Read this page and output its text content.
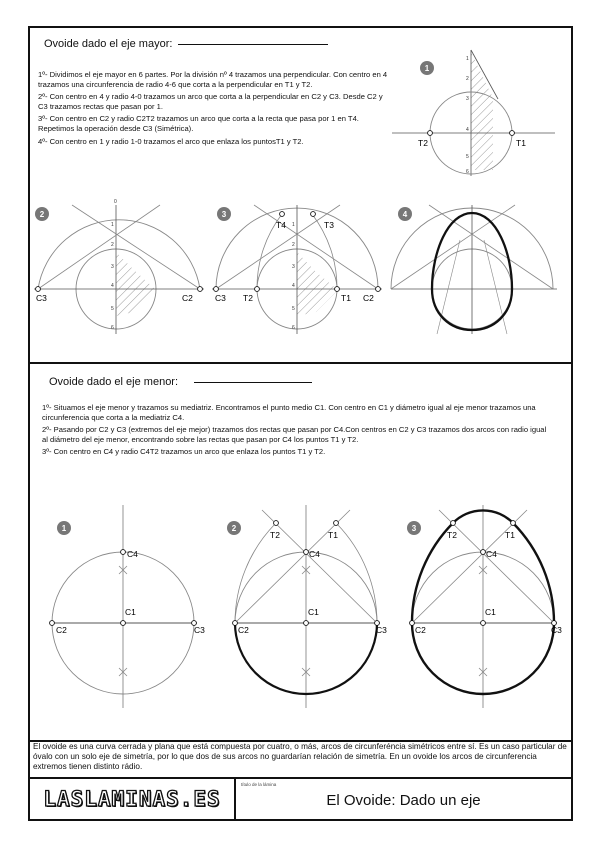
Ovoide dado el eje mayor:
1º- Dividimos el eje mayor en 6 partes. Por la división nº 4 trazamos una perpendicular. Con centro en 4 trazamos una circunferencia de radio 4-6 que corta a la perpendicular en T1 y T2.
2º- Con centro en 4 y radio 4-0 trazamos un arco que corta a la perpendicular en C2 y C3. Desde C2 y C3 trazamos rectas que pasan por 1.
3º- Con centro en C2 y radio C2T2 trazamos un arco que corta a la recta que pasa por 1 en T4. Repetimos la operación desde C3 (Simétrica).
4º- Con centro en 1 y radio 1-0 trazamos el arco que enlaza los puntosT1 y T2.
1
T2	T1
1
2
3
4
5
6
2
C3	C2
0
1
2
3
4
5
6
3
C3 T2	T1 C2
T4	T3
1
2
3
4
5
6
4
1
C4
C1
C2	C3
2
T2	T1
C4
C1
C2	C3
3
T2	T1
C4
C1
C2	C3
Ovoide dado el eje menor:
1º- Situamos el eje menor y trazamos su mediatriz. Encontramos el punto medio C1. Con centro en C1 y diámetro igual al eje menor trazamos una circunferencia que corta a la mediatriz C4.
2º- Pasando por C2 y C3 (extremos del eje mejor) trazamos dos rectas que pasan por C4.Con centros en C2 y C3 trazamos dos arcos con radio igual al diámetro del eje menor, encontrando sobre las rectas que pasan por C4 los puntos T1 y T2.
3º- Con centro en C4 y radio C4T2 trazamos un arco que enlaza los puntos T1 y T2.
El ovoide es una curva cerrada y plana que está compuesta por cuatro, o más, arcos de circunferéncia simétricos entre sí. Es un caso particular de óvalo con un solo eje de simetría, por lo que dos de sus arcos no guardarían relación de simetría. En un ovoide los arcos de circunferencia extremos tienen distinto rádio.
LASLAMINAS.ES
título de la lámina
El Ovoide: Dado un eje
